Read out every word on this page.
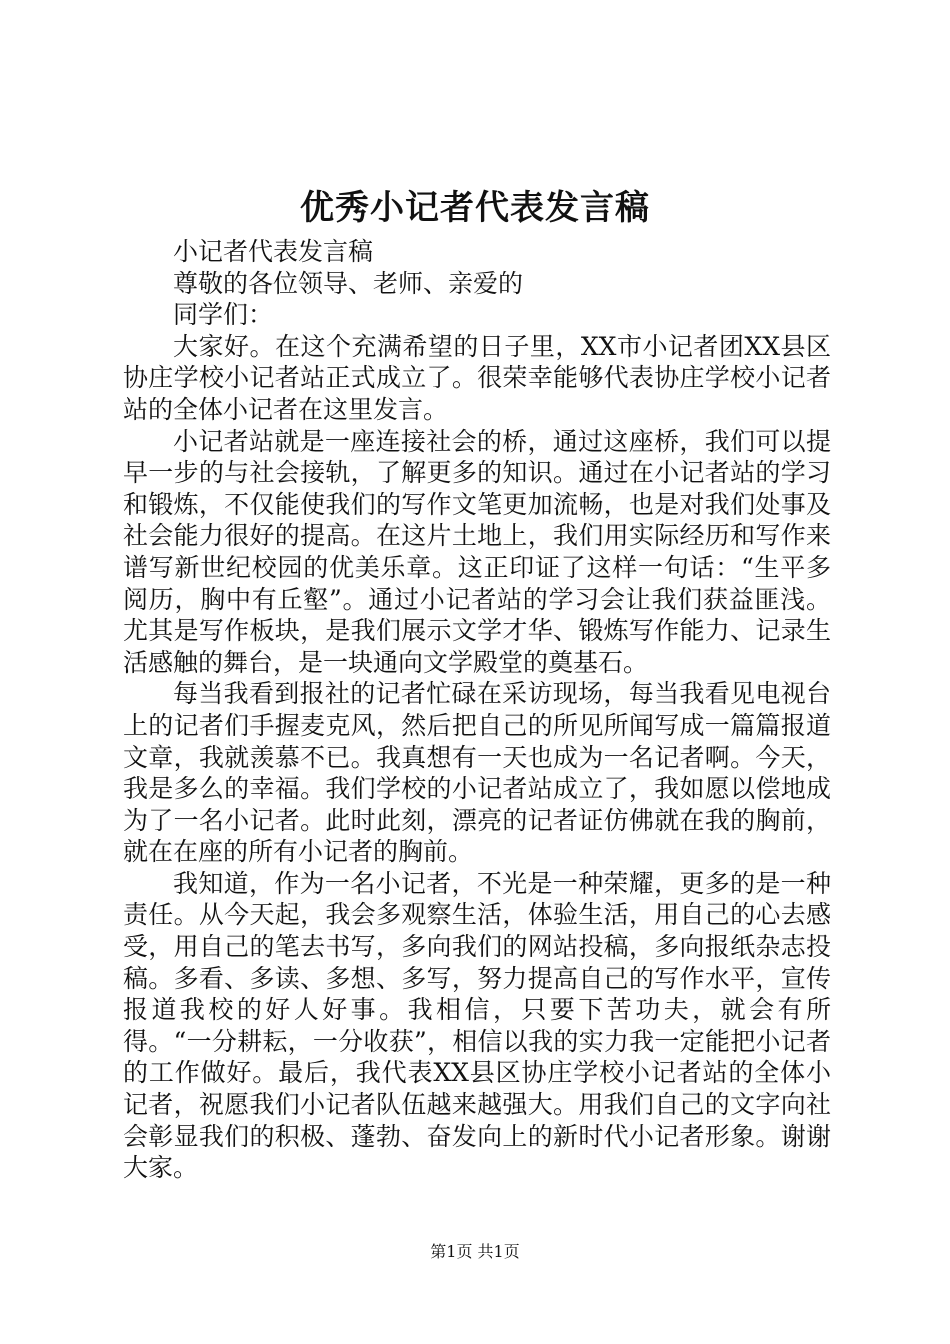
优秀小记者代表发言稿

小记者代表发言稿

尊敬的各位领导、老师、亲爱的

同学们：

大家好。在这个充满希望的日子里，XX市小记者团XX县区协庄学校小记者站正式成立了。很荣幸能够代表协庄学校小记者站的全体小记者在这里发言。

小记者站就是一座连接社会的桥，通过这座桥，我们可以提早一步的与社会接轨，了解更多的知识。通过在小记者站的学习和锻炼，不仅能使我们的写作文笔更加流畅，也是对我们处事及社会能力很好的提高。在这片土地上，我们用实际经历和写作来谱写新世纪校园的优美乐章。这正印证了这样一句话：“生平多阅历，胸中有丘壑”。通过小记者站的学习会让我们获益匪浅。尤其是写作板块，是我们展示文学才华、锻炼写作能力、记录生活感触的舞台，是一块通向文学殿堂的奠基石。

每当我看到报社的记者忙碌在采访现场，每当我看见电视台上的记者们手握麦克风，然后把自己的所见所闻写成一篇篇报道文章，我就羡慕不已。我真想有一天也成为一名记者啊。今天，我是多么的幸福。我们学校的小记者站成立了，我如愿以偿地成为了一名小记者。此时此刻，漂亮的记者证仿佛就在我的胸前，就在在座的所有小记者的胸前。

我知道，作为一名小记者，不光是一种荣耀，更多的是一种责任。从今天起，我会多观察生活，体验生活，用自己的心去感受，用自己的笔去书写，多向我们的网站投稿，多向报纸杂志投稿。多看、多读、多想、多写，努力提高自己的写作水平，宣传报道我校的好人好事。我相信，只要下苦功夫，就会有所得。“一分耕耘，一分收获”，相信以我的实力我一定能把小记者的工作做好。最后，我代表XX县区协庄学校小记者站的全体小记者，祝愿我们小记者队伍越来越强大。用我们自己的文字向社会彰显我们的积极、蓬勃、奋发向上的新时代小记者形象。谢谢大家。

第1页 共1页
